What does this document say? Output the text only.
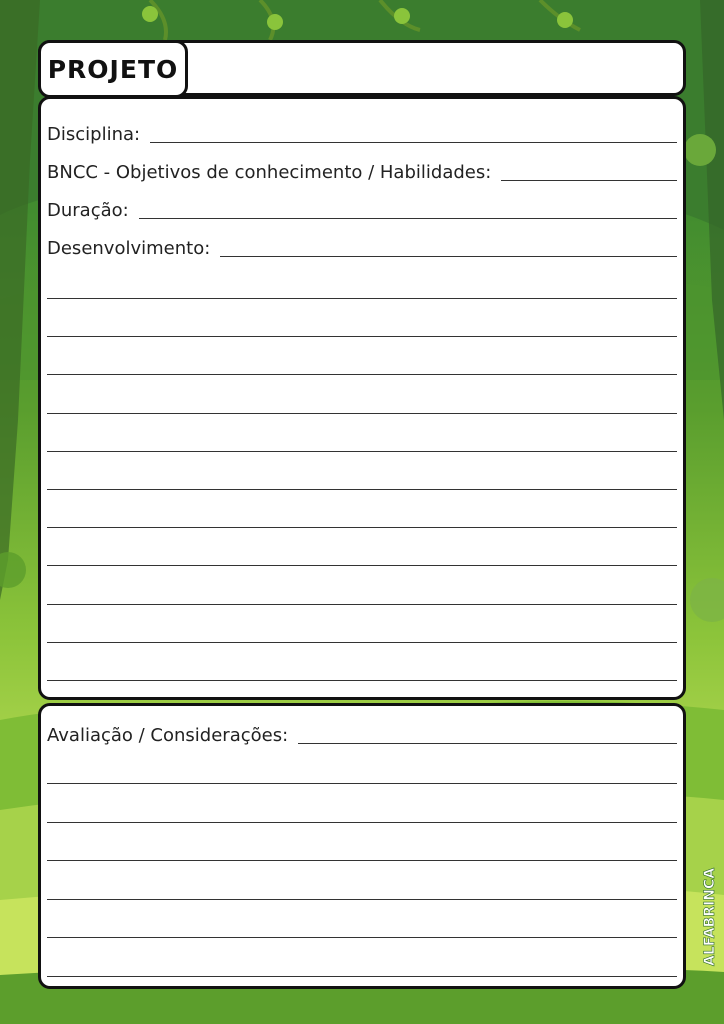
PROJETO
Disciplina:
BNCC - Objetivos de conhecimento / Habilidades:
Duração:
Desenvolvimento:
Avaliação / Considerações:
ALFABRINCA
